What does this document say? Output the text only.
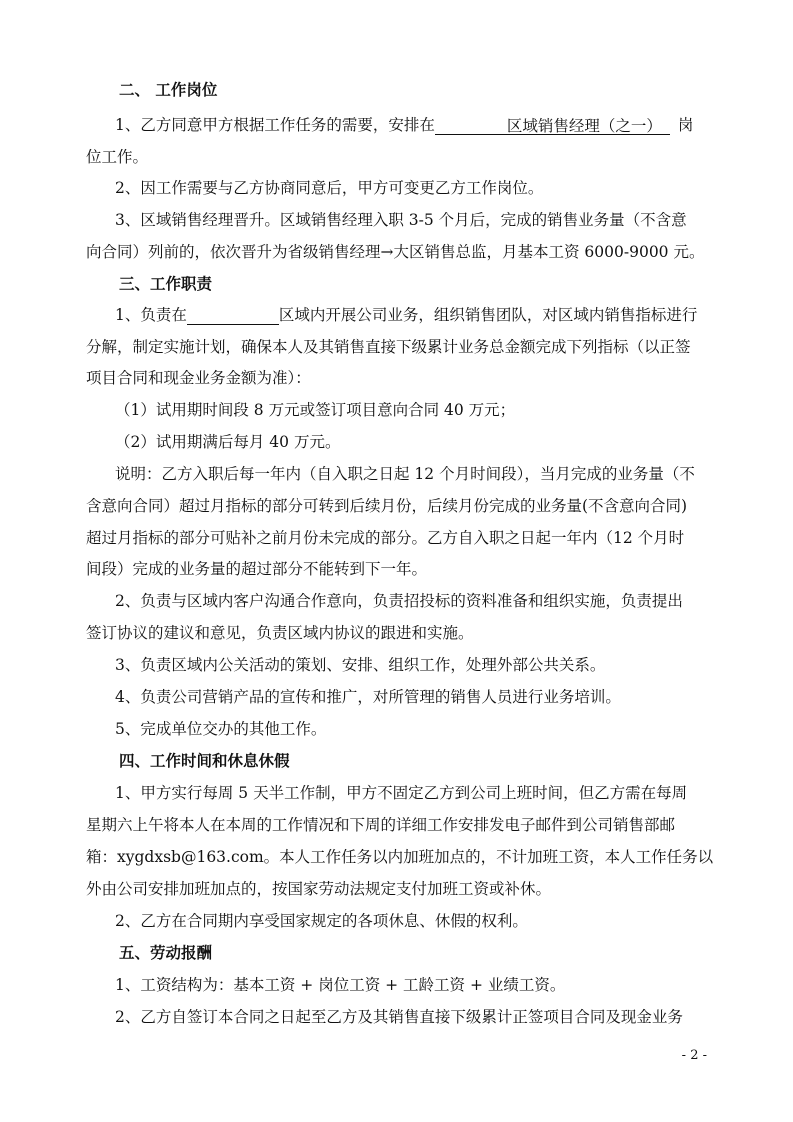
二、 工作岗位
1、乙方同意甲方根据工作任务的需要，安排在	区域销售经理（之一） 岗
位工作。
2、因工作需要与乙方协商同意后，甲方可变更乙方工作岗位。
3、区域销售经理晋升。区域销售经理入职 3-5 个月后，完成的销售业务量（不含意
向合同）列前的，依次晋升为省级销售经理→大区销售总监，月基本工资 6000-9000 元。
三、工作职责
1、负责在	区域内开展公司业务，组织销售团队，对区域内销售指标进行
分解，制定实施计划，确保本人及其销售直接下级累计业务总金额完成下列指标（以正签
项目合同和现金业务金额为准）：
（1）试用期时间段 8 万元或签订项目意向合同 40 万元；
（2）试用期满后每月 40 万元。
说明：乙方入职后每一年内（自入职之日起 12 个月时间段），当月完成的业务量（不
含意向合同）超过月指标的部分可转到后续月份，后续月份完成的业务量(不含意向合同)
超过月指标的部分可贴补之前月份未完成的部分。乙方自入职之日起一年内（12 个月时
间段）完成的业务量的超过部分不能转到下一年。
2、负责与区域内客户沟通合作意向，负责招投标的资料准备和组织实施，负责提出
签订协议的建议和意见，负责区域内协议的跟进和实施。
3、负责区域内公关活动的策划、安排、组织工作，处理外部公共关系。
4、负责公司营销产品的宣传和推广，对所管理的销售人员进行业务培训。
5、完成单位交办的其他工作。
四、工作时间和休息休假
1、甲方实行每周 5 天半工作制，甲方不固定乙方到公司上班时间，但乙方需在每周
星期六上午将本人在本周的工作情况和下周的详细工作安排发电子邮件到公司销售部邮
箱：xygdxsb@163.com。本人工作任务以内加班加点的，不计加班工资，本人工作任务以
外由公司安排加班加点的，按国家劳动法规定支付加班工资或补休。
2、乙方在合同期内享受国家规定的各项休息、休假的权利。
五、劳动报酬
1、工资结构为：基本工资 + 岗位工资 + 工龄工资 + 业绩工资。
2、乙方自签订本合同之日起至乙方及其销售直接下级累计正签项目合同及现金业务
- 2 -
